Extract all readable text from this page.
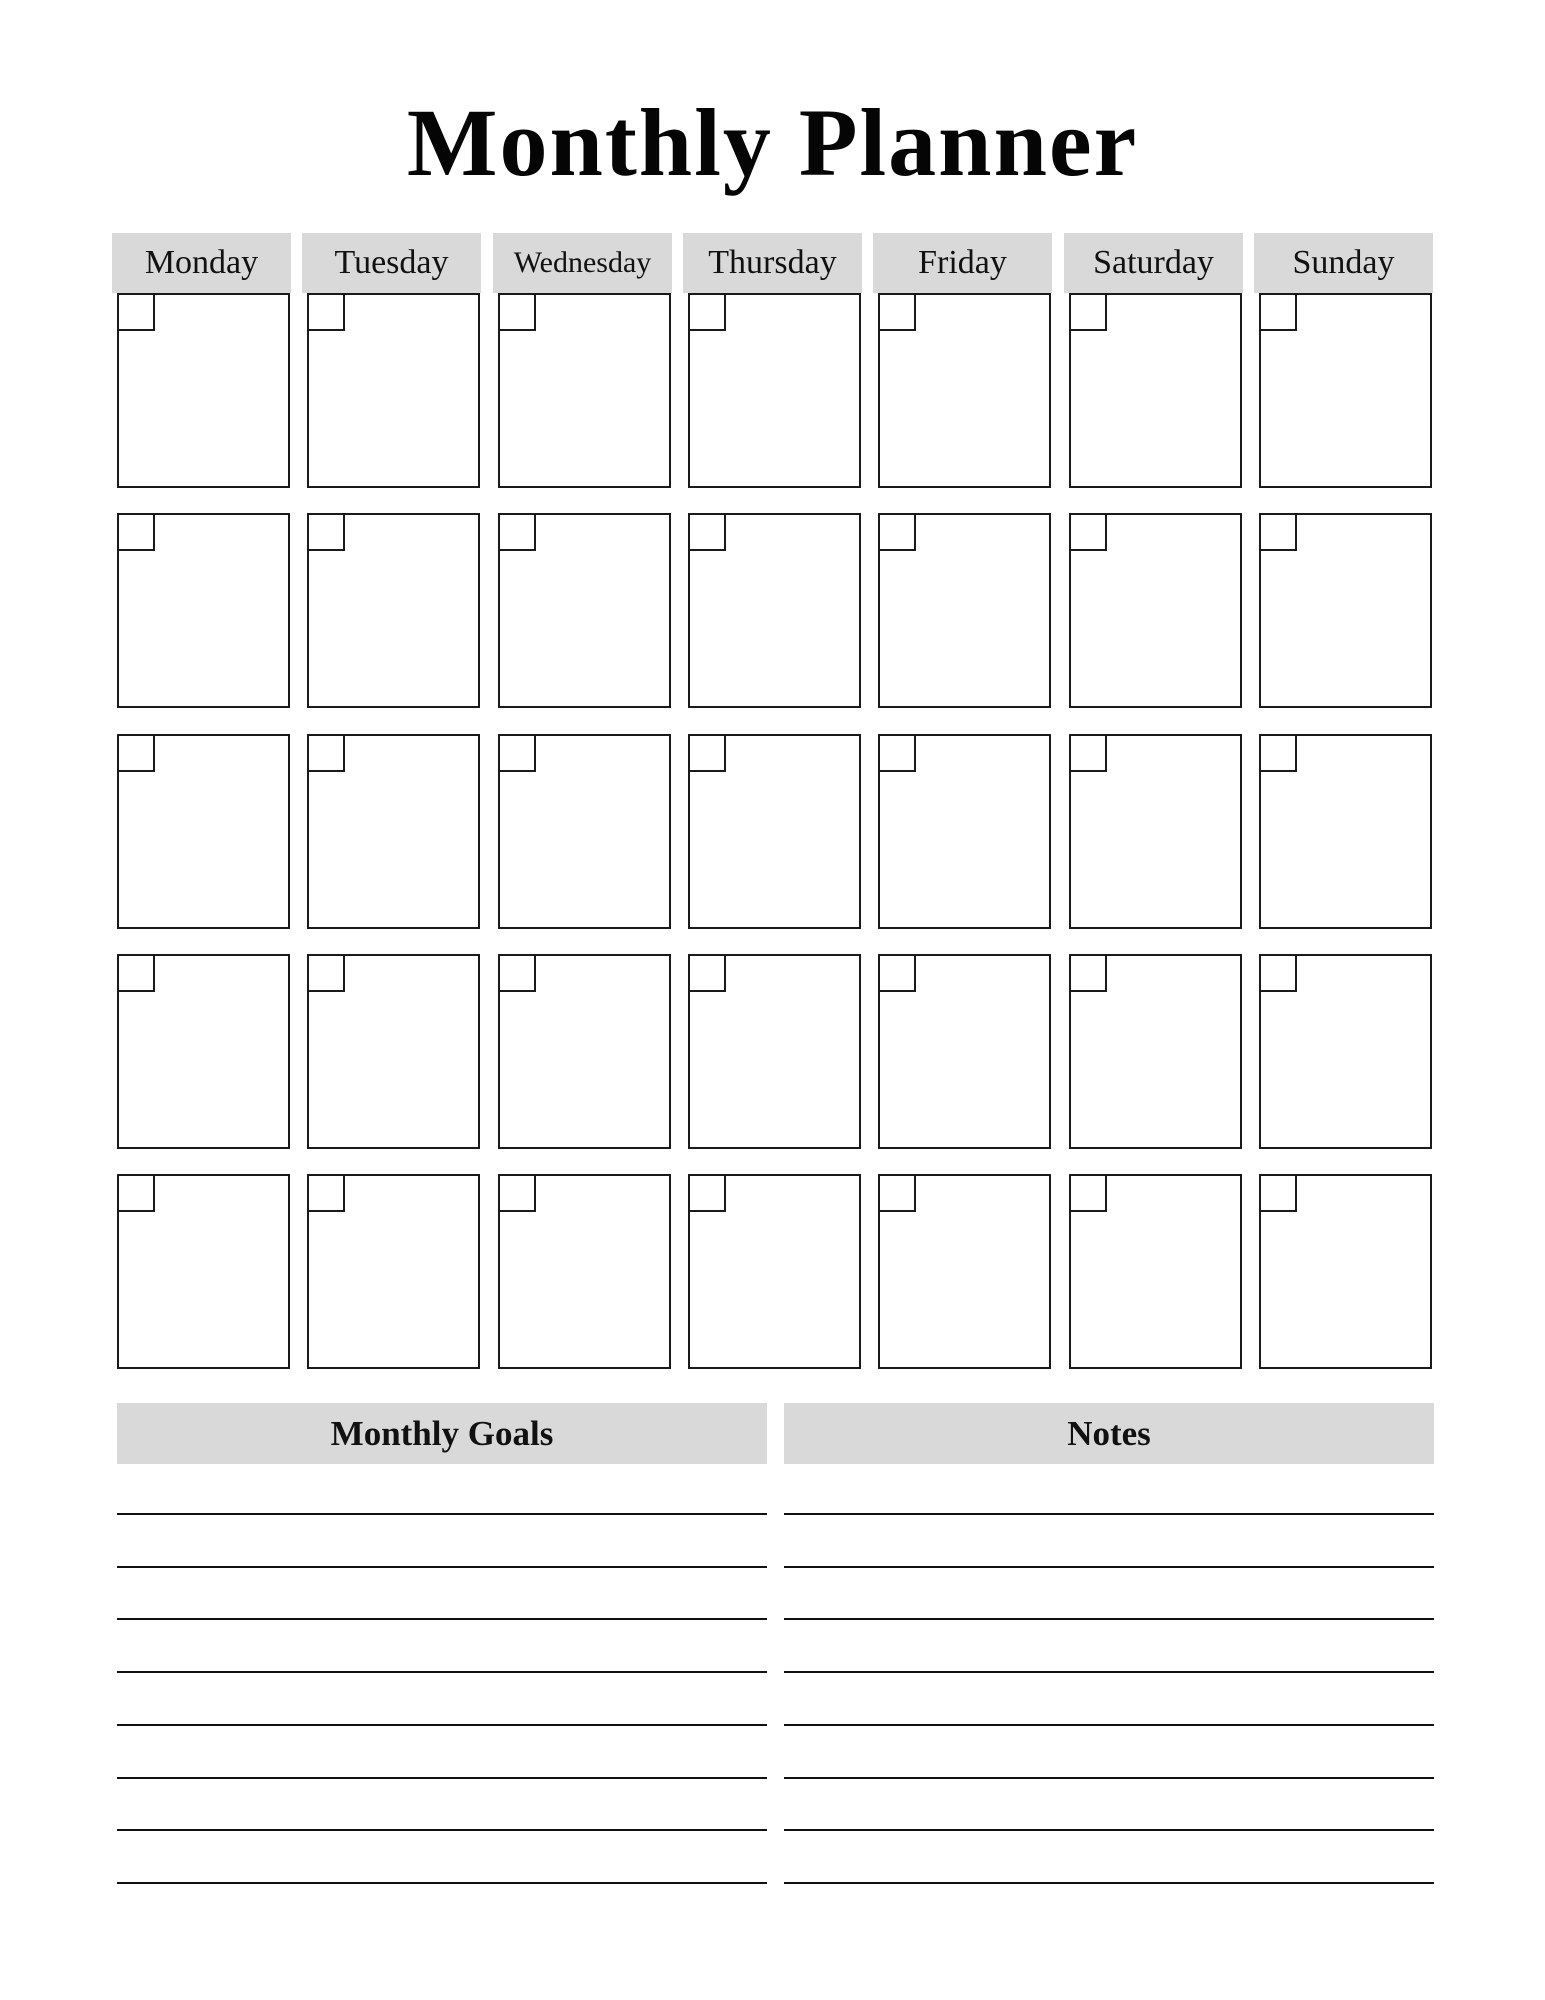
Monthly Planner
Monday	Tuesday	Wednesday	Thursday	Friday	Saturday	Sunday
Monthly Goals	Notes
